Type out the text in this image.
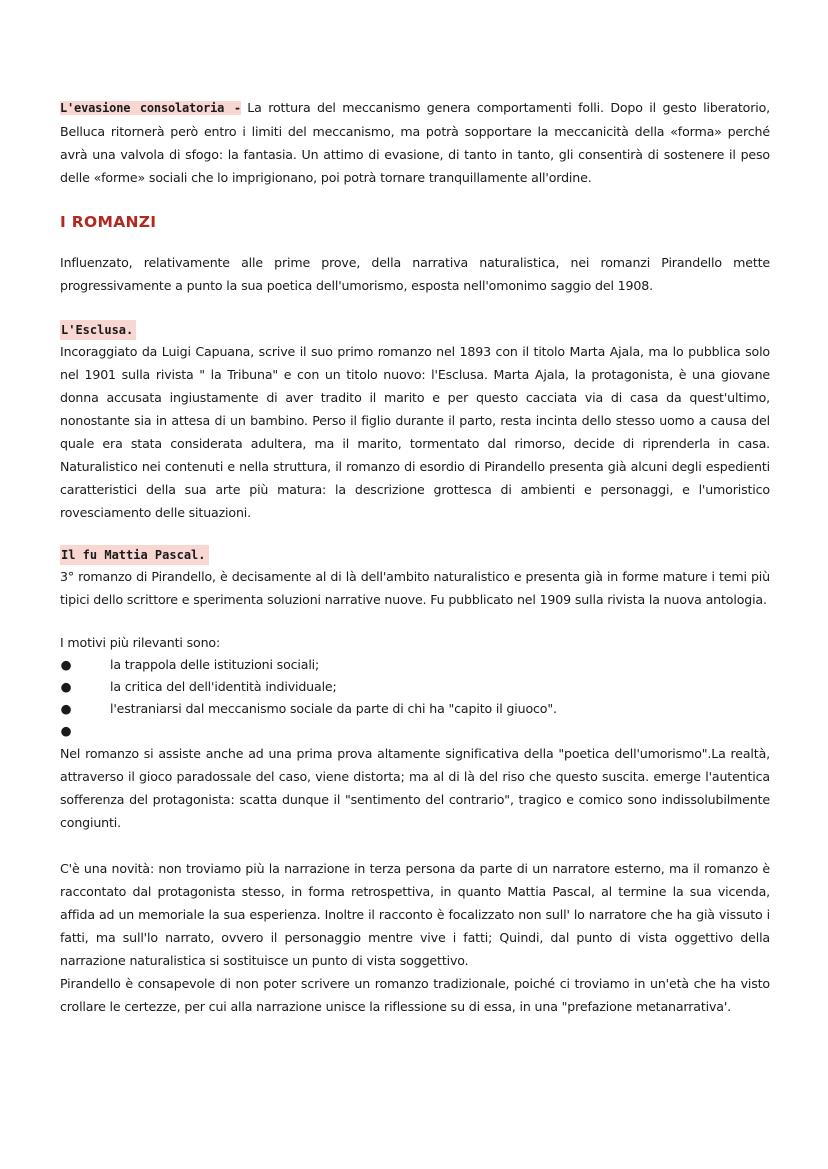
L'evasione consolatoria - La rottura del meccanismo genera comportamenti folli. Dopo il gesto liberatorio, Belluca ritornerà però entro i limiti del meccanismo, ma potrà sopportare la meccanicità della «forma» perché avrà una valvola di sfogo: la fantasia. Un attimo di evasione, di tanto in tanto, gli consentirà di sostenere il peso delle «forme» sociali che lo imprigionano, poi potrà tornare tranquillamente all'ordine.

I ROMANZI

Influenzato, relativamente alle prime prove, della narrativa naturalistica, nei romanzi Pirandello mette progressivamente a punto la sua poetica dell'umorismo, esposta nell'omonimo saggio del 1908.

L'Esclusa.

Incoraggiato da Luigi Capuana, scrive il suo primo romanzo nel 1893 con il titolo Marta Ajala, ma lo pubblica solo nel 1901 sulla rivista " la Tribuna" e con un titolo nuovo: l'Esclusa. Marta Ajala, la protagonista, è una giovane donna accusata ingiustamente di aver tradito il marito e per questo cacciata via di casa da quest'ultimo, nonostante sia in attesa di un bambino. Perso il figlio durante il parto, resta incinta dello stesso uomo a causa del quale era stata considerata adultera, ma il marito, tormentato dal rimorso, decide di riprenderla in casa. Naturalistico nei contenuti e nella struttura, il romanzo di esordio di Pirandello presenta già alcuni degli espedienti caratteristici della sua arte più matura: la descrizione grottesca di ambienti e personaggi, e l'umoristico rovesciamento delle situazioni.

Il fu Mattia Pascal.

3° romanzo di Pirandello, è decisamente al di là dell'ambito naturalistico e presenta già in forme mature i temi più tipici dello scrittore e sperimenta soluzioni narrative nuove. Fu pubblicato nel 1909 sulla rivista la nuova antologia.

I motivi più rilevanti sono:

●	la trappola delle istituzioni sociali;
●	la critica del dell'identità individuale;
●	l'estraniarsi dal meccanismo sociale da parte di chi ha "capito il giuoco".
●

Nel romanzo si assiste anche ad una prima prova altamente significativa della "poetica dell'umorismo".La realtà, attraverso il gioco paradossale del caso, viene distorta; ma al di là del riso che questo suscita. emerge l'autentica sofferenza del protagonista: scatta dunque il "sentimento del contrario", tragico e comico sono indissolubilmente congiunti.

C'è una novità: non troviamo più la narrazione in terza persona da parte di un narratore esterno, ma il romanzo è raccontato dal protagonista stesso, in forma retrospettiva, in quanto Mattia Pascal, al termine la sua vicenda, affida ad un memoriale la sua esperienza. Inoltre il racconto è focalizzato non sull' lo narratore che ha già vissuto i fatti, ma sull'lo narrato, ovvero il personaggio mentre vive i fatti; Quindi, dal punto di vista oggettivo della narrazione naturalistica si sostituisce un punto di vista soggettivo.

Pirandello è consapevole di non poter scrivere un romanzo tradizionale, poiché ci troviamo in un'età che ha visto crollare le certezze, per cui alla narrazione unisce la riflessione su di essa, in una "prefazione metanarrativa'.
